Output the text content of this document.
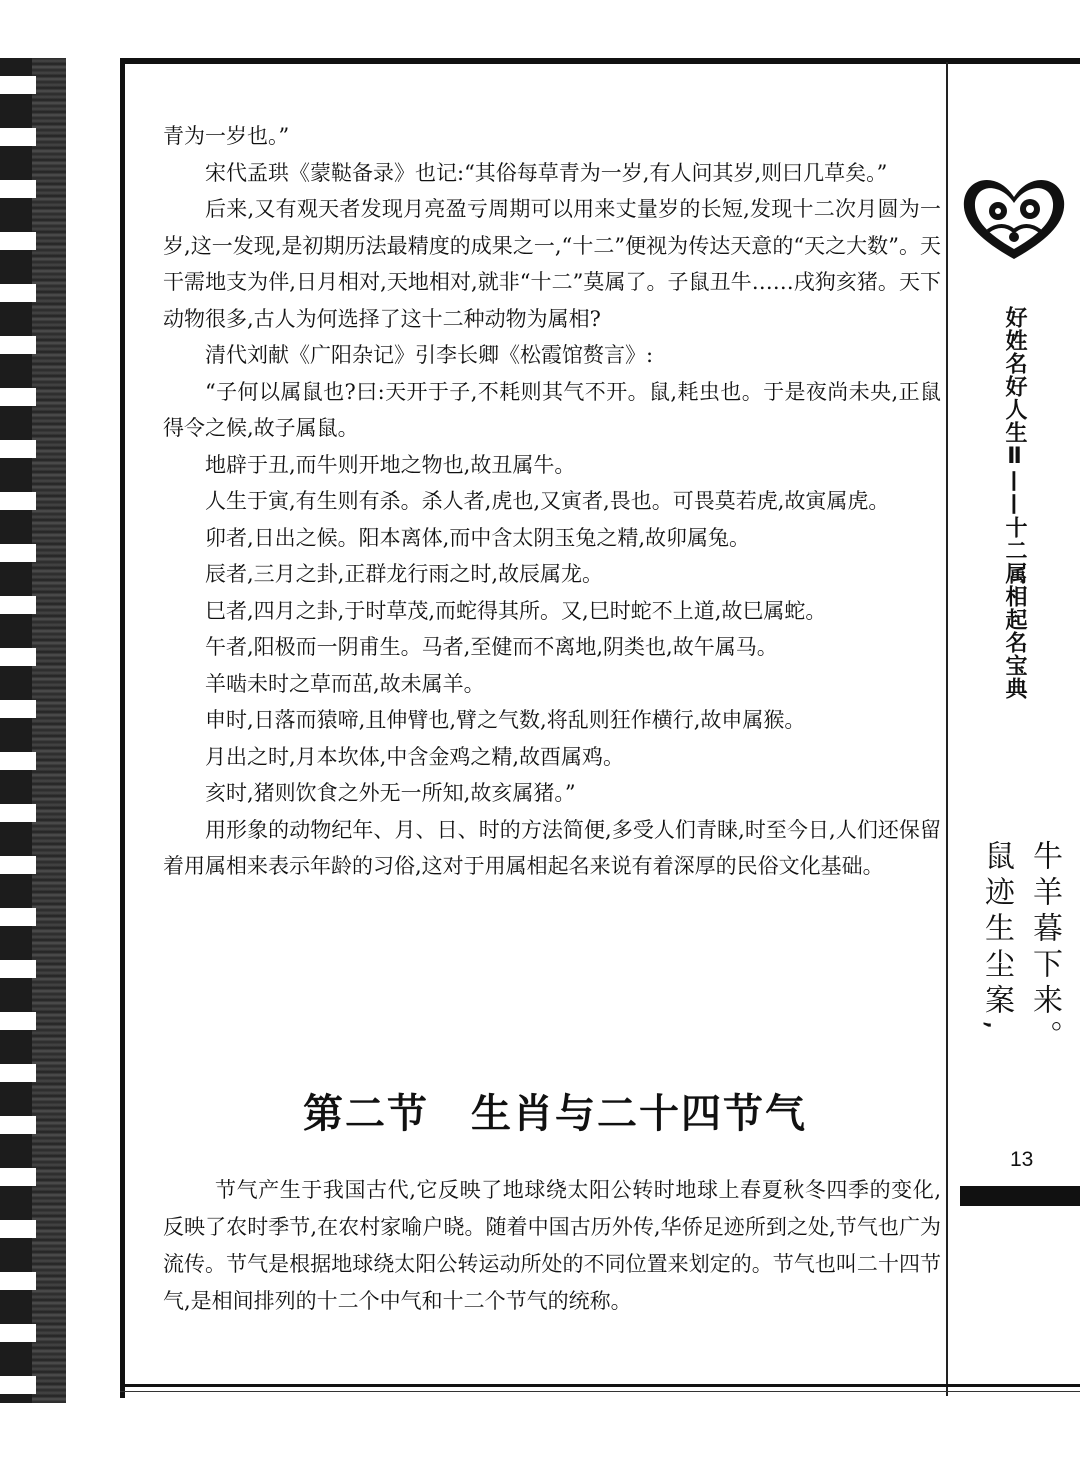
青为一岁也。”

宋代孟珙《蒙鞑备录》也记:“其俗每草青为一岁,有人问其岁,则曰几草矣。”

后来,又有观天者发现月亮盈亏周期可以用来丈量岁的长短,发现十二次月圆为一岁,这一发现,是初期历法最精度的成果之一,“十二”便视为传达天意的“天之大数”。天干需地支为伴,日月相对,天地相对,就非“十二”莫属了。子鼠丑牛……戌狗亥猪。天下动物很多,古人为何选择了这十二种动物为属相?

清代刘献《广阳杂记》引李长卿《松霞馆赘言》:

“子何以属鼠也?曰:天开于子,不耗则其气不开。鼠,耗虫也。于是夜尚未央,正鼠得令之候,故子属鼠。

地辟于丑,而牛则开地之物也,故丑属牛。

人生于寅,有生则有杀。杀人者,虎也,又寅者,畏也。可畏莫若虎,故寅属虎。

卯者,日出之候。阳本离体,而中含太阴玉兔之精,故卯属兔。

辰者,三月之卦,正群龙行雨之时,故辰属龙。

巳者,四月之卦,于时草茂,而蛇得其所。又,巳时蛇不上道,故巳属蛇。

午者,阳极而一阴甫生。马者,至健而不离地,阴类也,故午属马。

羊啮未时之草而茁,故未属羊。

申时,日落而猿啼,且伸臂也,臂之气数,将乱则狂作横行,故申属猴。

月出之时,月本坎体,中含金鸡之精,故酉属鸡。

亥时,猪则饮食之外无一所知,故亥属猪。”

用形象的动物纪年、月、日、时的方法简便,多受人们青睐,时至今日,人们还保留着用属相来表示年龄的习俗,这对于用属相起名来说有着深厚的民俗文化基础。

第二节　生肖与二十四节气

节气产生于我国古代,它反映了地球绕太阳公转时地球上春夏秋冬四季的变化,反映了农时季节,在农村家喻户晓。随着中国古历外传,华侨足迹所到之处,节气也广为流传。节气是根据地球绕太阳公转运动所处的不同位置来划定的。节气也叫二十四节气,是相间排列的十二个中气和十二个节气的统称。

好姓名好人生Ⅱ——十二属相起名宝典
牛羊暮下来。
鼠迹生尘案,
13
